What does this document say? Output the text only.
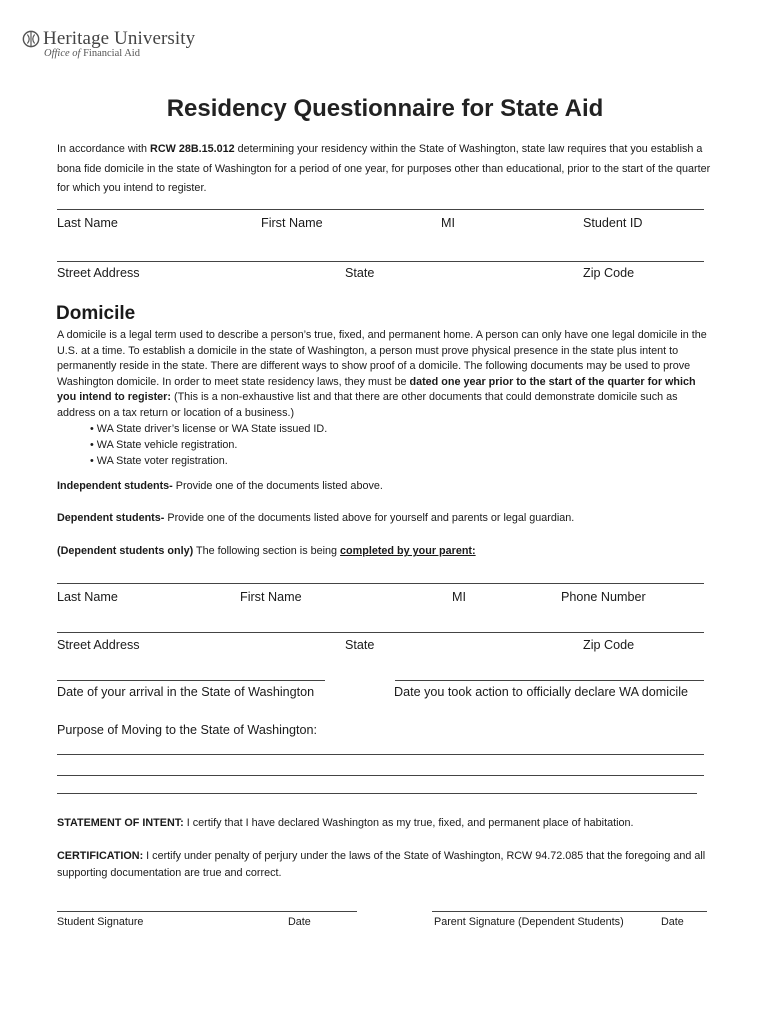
Heritage University
Office of Financial Aid
Residency Questionnaire for State Aid
In accordance with RCW 28B.15.012 determining your residency within the State of Washington, state law requires that you establish a bona fide domicile in the state of Washington for a period of one year, for purposes other than educational, prior to the start of the quarter for which you intend to register.
Last Name	First Name	MI	Student ID
Street Address	State	Zip Code
Domicile
A domicile is a legal term used to describe a person’s true, fixed, and permanent home. A person can only have one legal domicile in the U.S. at a time. To establish a domicile in the state of Washington, a person must prove physical presence in the state plus intent to permanently reside in the state. There are different ways to show proof of a domicile. The following documents may be used to prove Washington domicile. In order to meet state residency laws, they must be dated one year prior to the start of the quarter for which you intend to register: (This is a non-exhaustive list and that there are other documents that could demonstrate domicile such as address on a tax return or location of a business.)
• WA State driver’s license or WA State issued ID.
• WA State vehicle registration.
• WA State voter registration.
Independent students- Provide one of the documents listed above.
Dependent students- Provide one of the documents listed above for yourself and parents or legal guardian.
(Dependent students only) The following section is being completed by your parent:
Last Name	First Name	MI	Phone Number
Street Address	State	Zip Code
Date of your arrival in the State of Washington	Date you took action to officially declare WA domicile
Purpose of Moving to the State of Washington:
STATEMENT OF INTENT: I certify that I have declared Washington as my true, fixed, and permanent place of habitation.
CERTIFICATION: I certify under penalty of perjury under the laws of the State of Washington, RCW 94.72.085 that the foregoing and all supporting documentation are true and correct.
Student Signature	Date	Parent Signature (Dependent Students)	Date
